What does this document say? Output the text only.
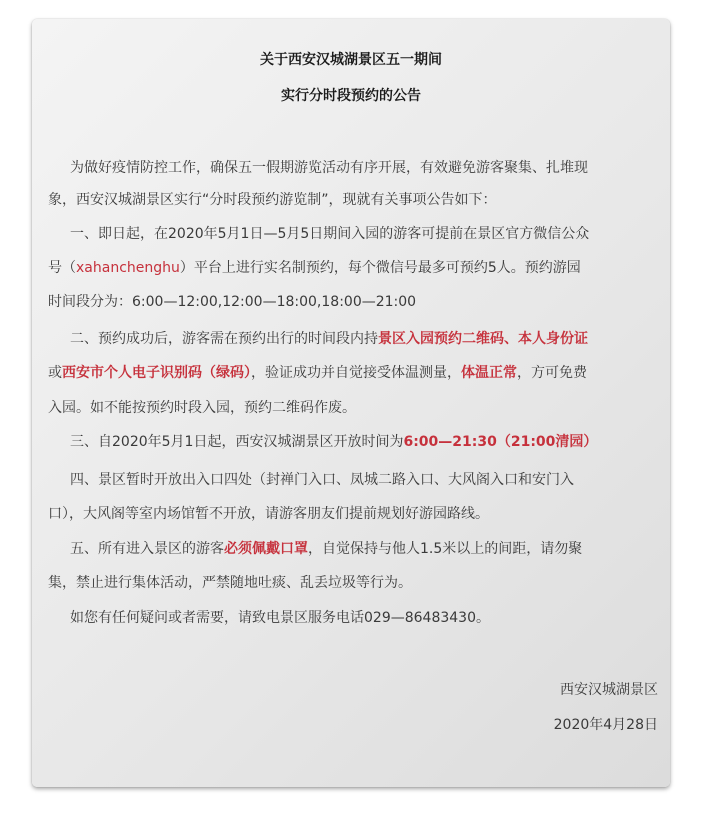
关于西安汉城湖景区五一期间

实行分时段预约的公告

为做好疫情防控工作，确保五一假期游览活动有序开展，有效避免游客聚集、扎堆现

象，西安汉城湖景区实行“分时段预约游览制”，现就有关事项公告如下：

一、即日起，在2020年5月1日—5月5日期间入园的游客可提前在景区官方微信公众

号（xahanchenghu）平台上进行实名制预约，每个微信号最多可预约5人。预约游园

时间段分为：6:00—12:00,12:00—18:00,18:00—21:00

二、预约成功后，游客需在预约出行的时间段内持景区入园预约二维码、本人身份证

或西安市个人电子识别码（绿码），验证成功并自觉接受体温测量，体温正常，方可免费

入园。如不能按预约时段入园，预约二维码作废。

三、自2020年5月1日起，西安汉城湖景区开放时间为6:00—21:30（21:00清园）

四、景区暂时开放出入口四处（封禅门入口、凤城二路入口、大风阁入口和安门入

口），大风阁等室内场馆暂不开放，请游客朋友们提前规划好游园路线。

五、所有进入景区的游客必须佩戴口罩，自觉保持与他人1.5米以上的间距，请勿聚

集，禁止进行集体活动，严禁随地吐痰、乱丢垃圾等行为。

如您有任何疑问或者需要，请致电景区服务电话029—86483430。

西安汉城湖景区

2020年4月28日
